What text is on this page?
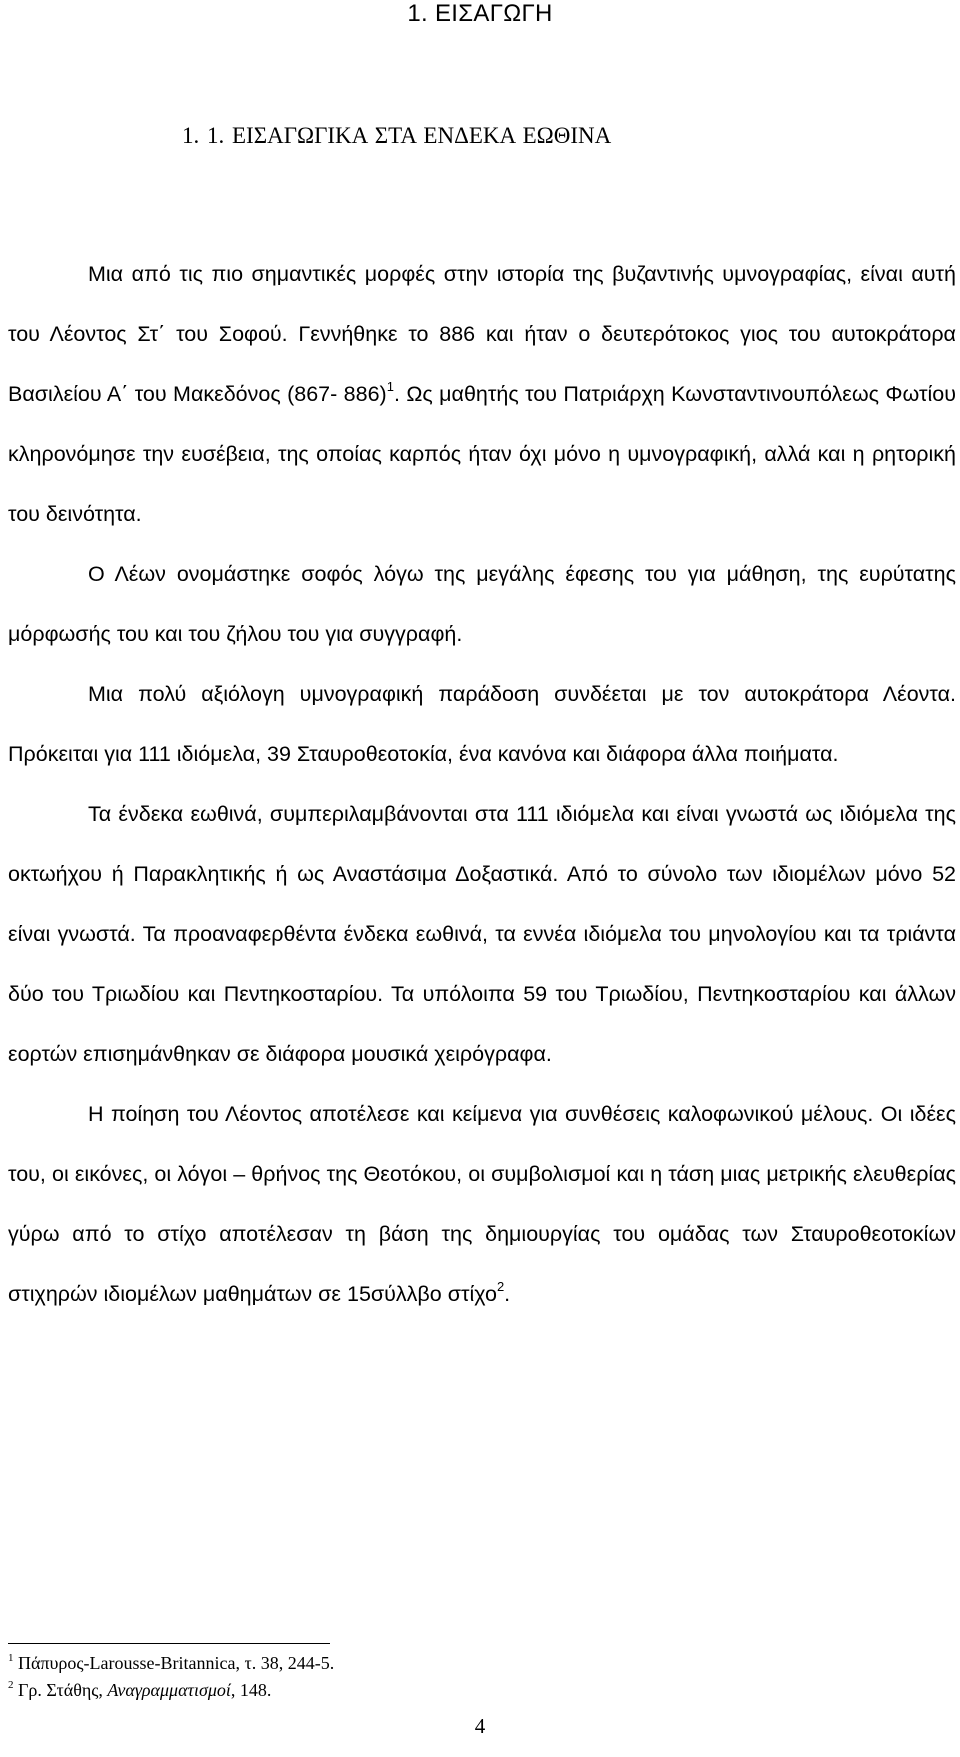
1. ΕΙΣΑΓΩΓΗ
1. 1. ΕΙΣΑΓΩΓΙΚΑ ΣΤΑ ΕΝΔΕΚΑ ΕΩΘΙΝΑ

Μια από τις πιο σημαντικές μορφές στην ιστορία της βυζαντινής υμνογραφίας, είναι αυτή του Λέοντος Στ΄ του Σοφού. Γεννήθηκε το 886 και ήταν ο δευτερότοκος γιος του αυτοκράτορα Βασιλείου Α΄ του Μακεδόνος (867- 886)$^1$. Ως μαθητής του Πατριάρχη Κωνσταντινουπόλεως Φωτίου κληρονόμησε την ευσέβεια, της οποίας καρπός ήταν όχι μόνο η υμνογραφική, αλλά και η ρητορική του δεινότητα.

Ο Λέων ονομάστηκε σοφός λόγω της μεγάλης έφεσης του για μάθηση, της ευρύτατης μόρφωσής του και του ζήλου του για συγγραφή.

Μια πολύ αξιόλογη υμνογραφική παράδοση συνδέεται με τον αυτοκράτορα Λέοντα. Πρόκειται για 111 ιδιόμελα, 39 Σταυροθεοτοκία, ένα κανόνα και διάφορα άλλα ποιήματα.

Τα ένδεκα εωθινά, συμπεριλαμβάνονται στα 111 ιδιόμελα και είναι γνωστά ως ιδιόμελα της οκτωήχου ή Παρακλητικής ή ως Αναστάσιμα Δοξαστικά. Από το σύνολο των ιδιομέλων μόνο 52 είναι γνωστά. Τα προαναφερθέντα ένδεκα εωθινά, τα εννέα ιδιόμελα του μηνολογίου και τα τριάντα δύο του Τριωδίου και Πεντηκοσταρίου. Τα υπόλοιπα 59 του Τριωδίου, Πεντηκοσταρίου και άλλων εορτών επισημάνθηκαν σε διάφορα μουσικά χειρόγραφα.

Η ποίηση του Λέοντος αποτέλεσε και κείμενα για συνθέσεις καλοφωνικού μέλους. Οι ιδέες του, οι εικόνες, οι λόγοι – θρήνος της Θεοτόκου, οι συμβολισμοί και η τάση μιας μετρικής ελευθερίας γύρω από το στίχο αποτέλεσαν τη βάση της δημιουργίας του ομάδας των Σταυροθεοτοκίων στιχηρών ιδιομέλων μαθημάτων σε 15σύλλβο στίχο$^2$.

$^1$ Πάπυρος-Larousse-Britannica, τ. 38, 244-5.
$^2$ Γρ. Στάθης, Αναγραμματισμοί, 148.
4
